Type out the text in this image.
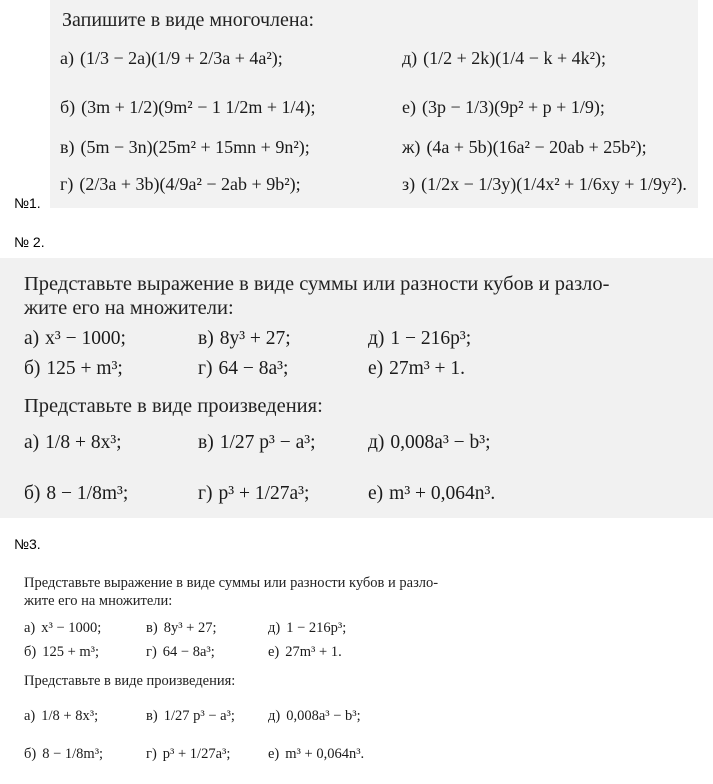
Запишите в виде многочлена:
а) (1/3 − 2a)(1/9 + 2/3a + 4a²);	д) (1/2 + 2k)(1/4 − k + 4k²);
б) (3m + 1/2)(9m² − 1 1/2m + 1/4);	е) (3p − 1/3)(9p² + p + 1/9);
в) (5m − 3n)(25m² + 15mn + 9n²);	ж) (4a + 5b)(16a² − 20ab + 25b²);
г) (2/3a + 3b)(4/9a² − 2ab + 9b²);	з) (1/2x − 1/3y)(1/4x² + 1/6xy + 1/9y²).
№1.
№ 2.
Представьте выражение в виде суммы или разности кубов и разло-
жите его на множители:
а) x³ − 1000;	в) 8y³ + 27;	д) 1 − 216p³;
б) 125 + m³;	г) 64 − 8a³;	е) 27m³ + 1.
Представьте в виде произведения:
а) 1/8 + 8x³;	в) 1/27 p³ − a³;	д) 0,008a³ − b³;
б) 8 − 1/8m³;	г) p³ + 1/27a³;	е) m³ + 0,064n³.
№3.
Представьте выражение в виде суммы или разности кубов и разло-
жите его на множители:
а) x³ − 1000;	в) 8y³ + 27;	д) 1 − 216p³;
б) 125 + m³;	г) 64 − 8a³;	е) 27m³ + 1.
Представьте в виде произведения:
а) 1/8 + 8x³;	в) 1/27 p³ − a³; д) 0,008a³ − b³;
б) 8 − 1/8m³;	г) p³ + 1/27a³;	е) m³ + 0,064n³.
